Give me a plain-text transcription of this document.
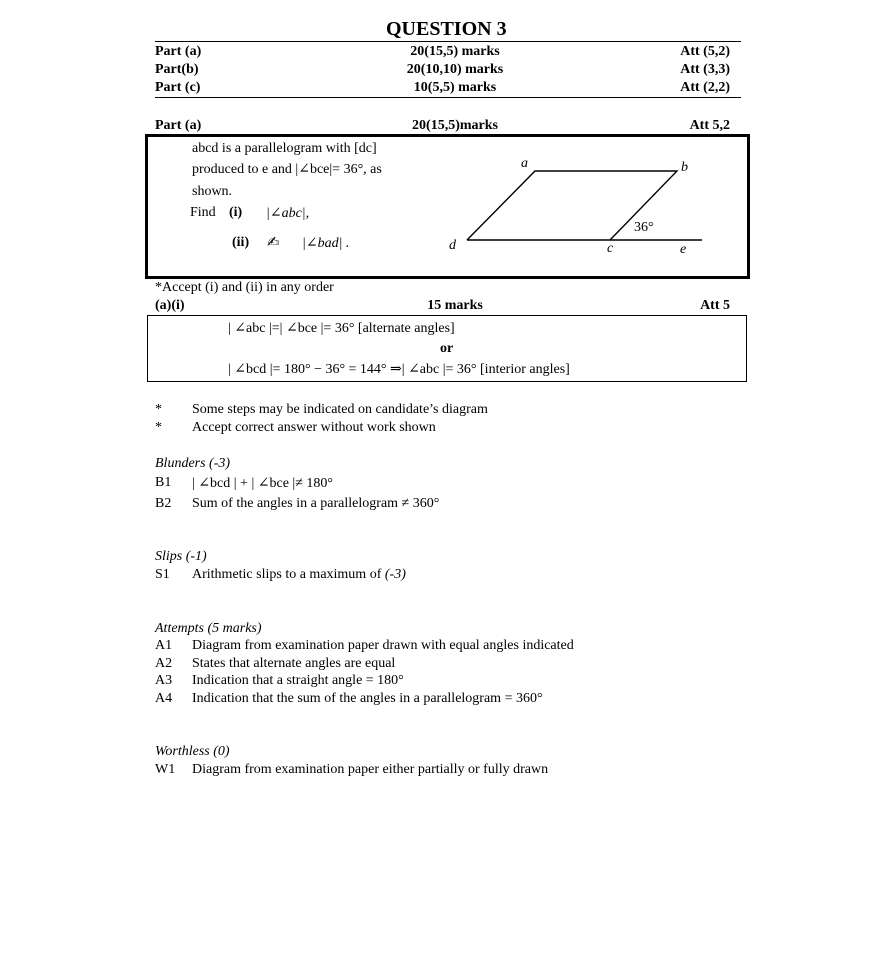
QUESTION 3
Part (a)	20(15,5) marks	Att (5,2)
Part(b)	20(10,10) marks	Att (3,3)
Part (c)	10(5,5) marks	Att (2,2)
Part (a)	20(15,5)marks	Att 5,2
abcd is a parallelogram with [dc]
produced to e and |∠bce|= 36°, as
shown.
Find (i) |∠abc|,
(ii) ✍ |∠bad| .
a	b
d	c	e
36°
*Accept (i) and (ii) in any order
(a)(i)	15 marks	Att 5
| ∠abc |=| ∠bce |= 36° [alternate angles]
or
| ∠bcd |= 180° − 36° = 144° ⇒| ∠abc |= 36° [interior angles]
* Some steps may be indicated on candidate’s diagram
* Accept correct answer without work shown
Blunders (-3)
B1 | ∠bcd | + | ∠bce |≠ 180°
B2 Sum of the angles in a parallelogram ≠ 360°
Slips (-1)
S1 Arithmetic slips to a maximum of (-3)
Attempts (5 marks)
A1 Diagram from examination paper drawn with equal angles indicated
A2 States that alternate angles are equal
A3 Indication that a straight angle = 180°
A4 Indication that the sum of the angles in a parallelogram = 360°
Worthless (0)
W1 Diagram from examination paper either partially or fully drawn
